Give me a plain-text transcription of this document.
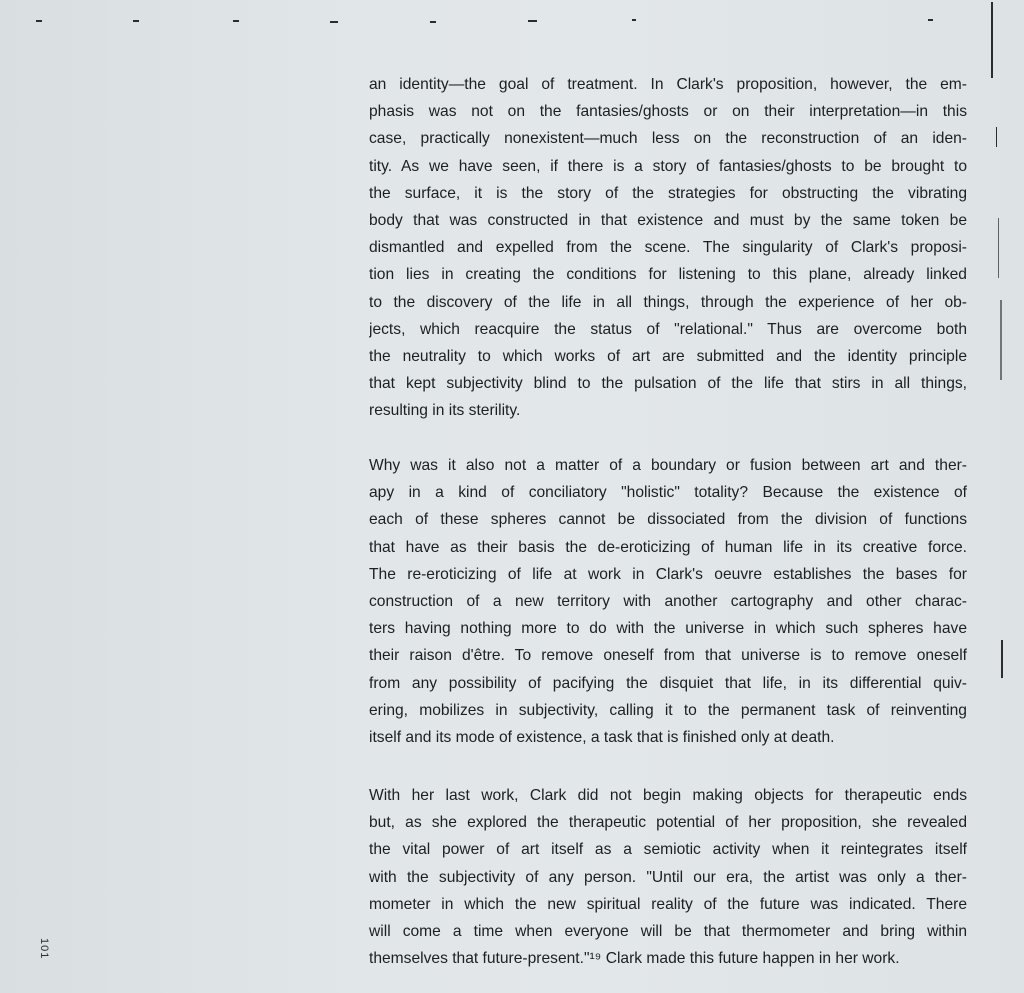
an identity—the goal of treatment. In Clark's proposition, however, the em-
phasis was not on the fantasies/ghosts or on their interpretation—in this
case, practically nonexistent—much less on the reconstruction of an iden-
tity. As we have seen, if there is a story of fantasies/ghosts to be brought to
the surface, it is the story of the strategies for obstructing the vibrating
body that was constructed in that existence and must by the same token be
dismantled and expelled from the scene. The singularity of Clark's proposi-
tion lies in creating the conditions for listening to this plane, already linked
to the discovery of the life in all things, through the experience of her ob-
jects, which reacquire the status of "relational." Thus are overcome both
the neutrality to which works of art are submitted and the identity principle
that kept subjectivity blind to the pulsation of the life that stirs in all things,
resulting in its sterility.
Why was it also not a matter of a boundary or fusion between art and ther-
apy in a kind of conciliatory "holistic" totality? Because the existence of
each of these spheres cannot be dissociated from the division of functions
that have as their basis the de-eroticizing of human life in its creative force.
The re-eroticizing of life at work in Clark's oeuvre establishes the bases for
construction of a new territory with another cartography and other charac-
ters having nothing more to do with the universe in which such spheres have
their raison d'être. To remove oneself from that universe is to remove oneself
from any possibility of pacifying the disquiet that life, in its differential quiv-
ering, mobilizes in subjectivity, calling it to the permanent task of reinventing
itself and its mode of existence, a task that is finished only at death.
With her last work, Clark did not begin making objects for therapeutic ends
but, as she explored the therapeutic potential of her proposition, she revealed
the vital power of art itself as a semiotic activity when it reintegrates itself
with the subjectivity of any person. "Until our era, the artist was only a ther-
mometer in which the new spiritual reality of the future was indicated. There
will come a time when everyone will be that thermometer and bring within
themselves that future-present."¹⁹ Clark made this future happen in her work.
101
